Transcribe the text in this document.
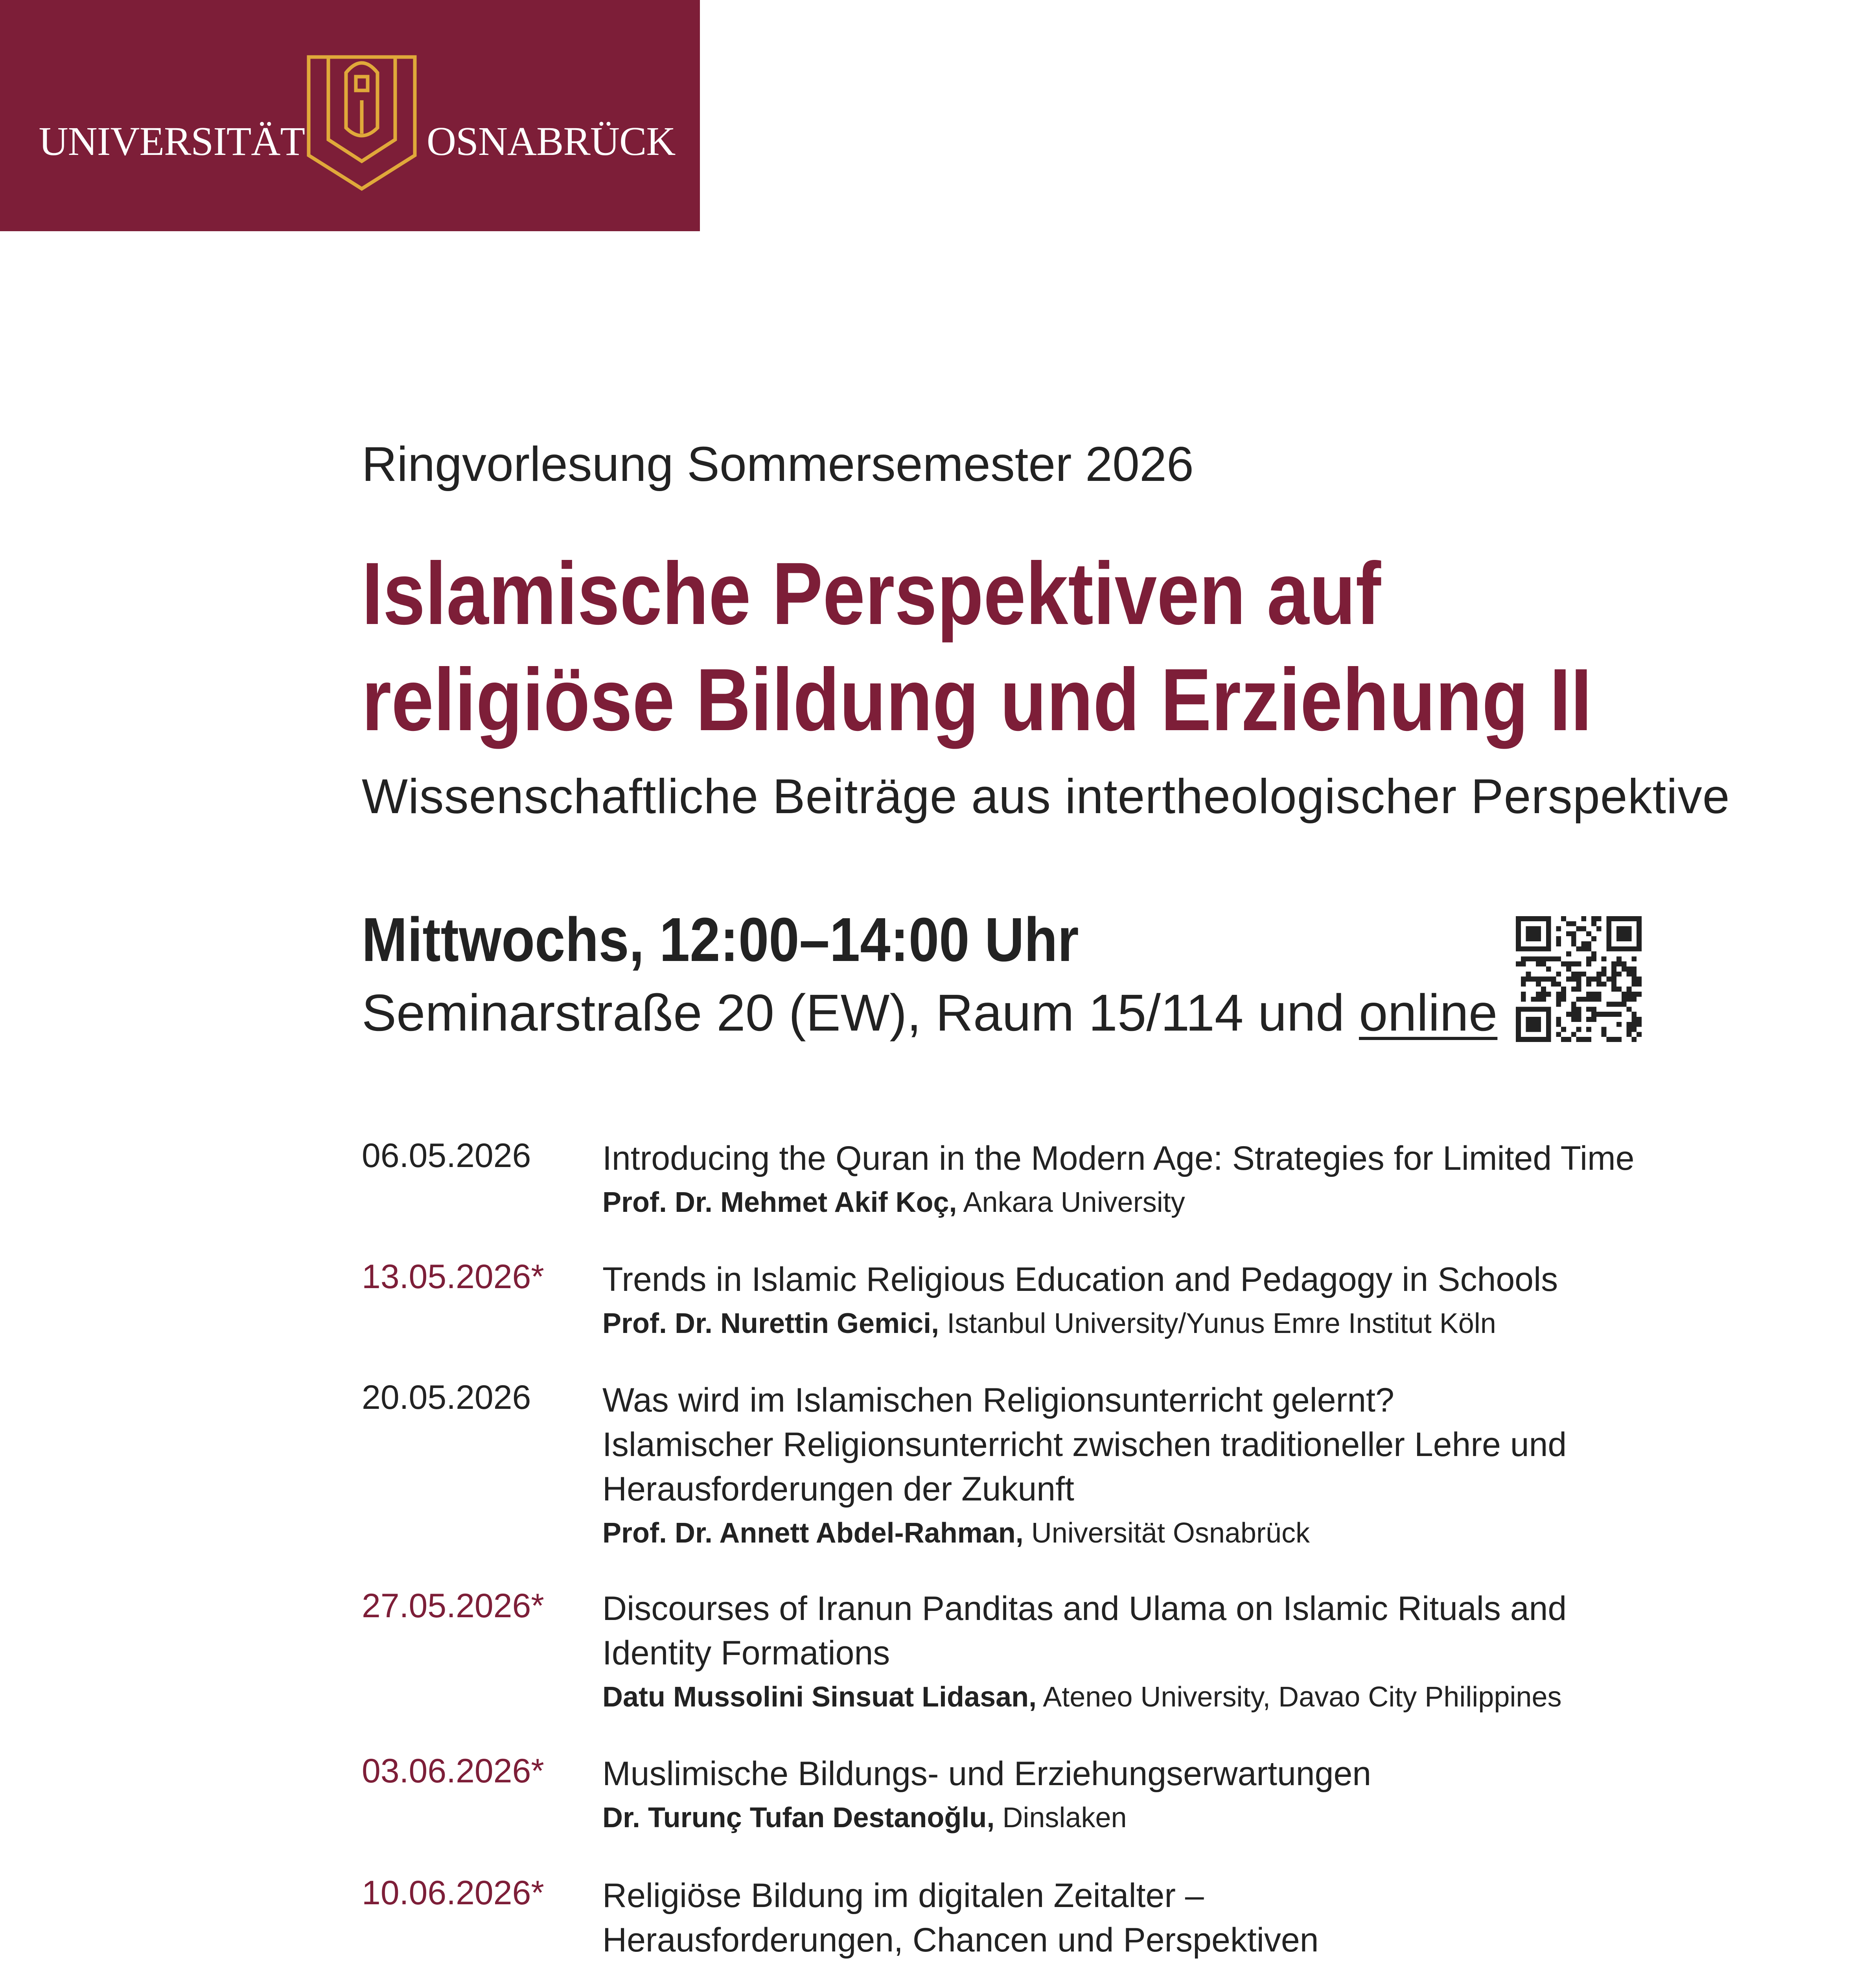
UNIVERSITÄT	OSNABRÜCK
Ringvorlesung Sommersemester 2026
Islamische Perspektiven auf
religiöse Bildung und Erziehung II
Wissenschaftliche Beiträge aus intertheologischer Perspektive
Mittwochs, 12:00–14:00 Uhr
Seminarstraße 20 (EW), Raum 15/114 und online
06.05.2026 Introducing the Quran in the Modern Age: Strategies for Limited Time
Prof. Dr. Mehmet Akif Koç, Ankara University
13.05.2026* Trends in Islamic Religious Education and Pedagogy in Schools
Prof. Dr. Nurettin Gemici, Istanbul University/Yunus Emre Institut Köln
20.05.2026 Was wird im Islamischen Religionsunterricht gelernt?
Islamischer Religionsunterricht zwischen traditioneller Lehre und
Herausforderungen der Zukunft
Prof. Dr. Annett Abdel-Rahman, Universität Osnabrück
27.05.2026* Discourses of Iranun Panditas and Ulama on Islamic Rituals and
Identity Formations
Datu Mussolini Sinsuat Lidasan, Ateneo University, Davao City Philippines
03.06.2026* Muslimische Bildungs- und Erziehungserwartungen
Dr. Turunç Tufan Destanoğlu, Dinslaken
10.06.2026* Religiöse Bildung im digitalen Zeitalter –
Herausforderungen, Chancen und Perspektiven
